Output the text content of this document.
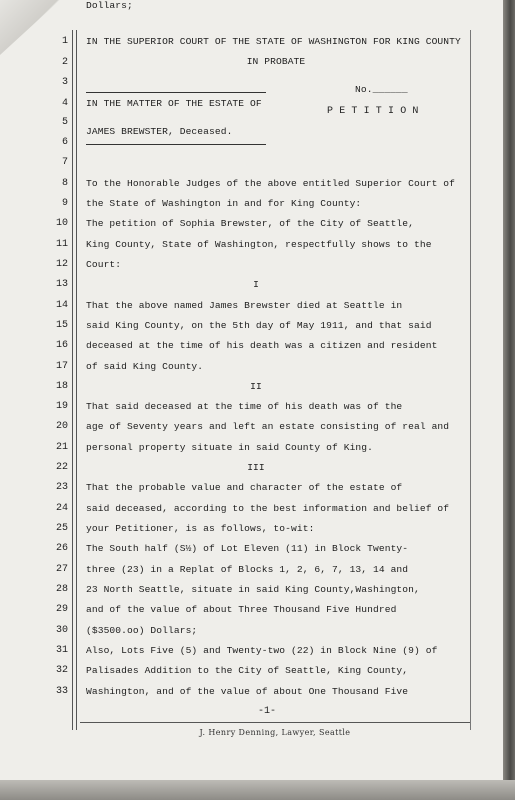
1
2
3
4
5
6
7
8
9
10
11
12
13
14
15
16
17
18
19
20
21
22
23
24
25
26
27
28
29
30
31
32
33
IN THE SUPERIOR COURT OF THE STATE OF WASHINGTON FOR KING COUNTY
IN PROBATE
No.______
IN THE MATTER OF THE ESTATE OF
P E T I T I O N
JAMES BREWSTER, Deceased.
To the Honorable Judges of the above entitled Superior Court of
the State of Washington in and for King County:
The petition of Sophia Brewster, of the City of Seattle,
King County, State of Washington, respectfully shows to the
Court:
I
That the above named James Brewster died at Seattle in
said King County, on the 5th day of May 1911, and that said
deceased at the time of his death was a citizen and resident
of said King County.
II
That said deceased at the time of his death was of the
age of Seventy years and left an estate consisting of real and
personal property situate in said County of King.
III
That the probable value and character of the estate of
said deceased, according to the best information and belief of
your Petitioner, is as follows, to-wit:
The South half (S½) of Lot Eleven (11) in Block Twenty-
three (23) in a Replat of Blocks 1, 2, 6, 7, 13, 14 and
23 North Seattle, situate in said King County,Washington,
and of the value of about Three Thousand Five Hundred
($3500.oo) Dollars;
Also, Lots Five (5) and Twenty-two (22) in Block Nine (9) of
Palisades Addition to the City of Seattle, King County,
Washington, and of the value of about One Thousand Five
Dollars;
-1-
J. Henry Denning, Lawyer, Seattle
